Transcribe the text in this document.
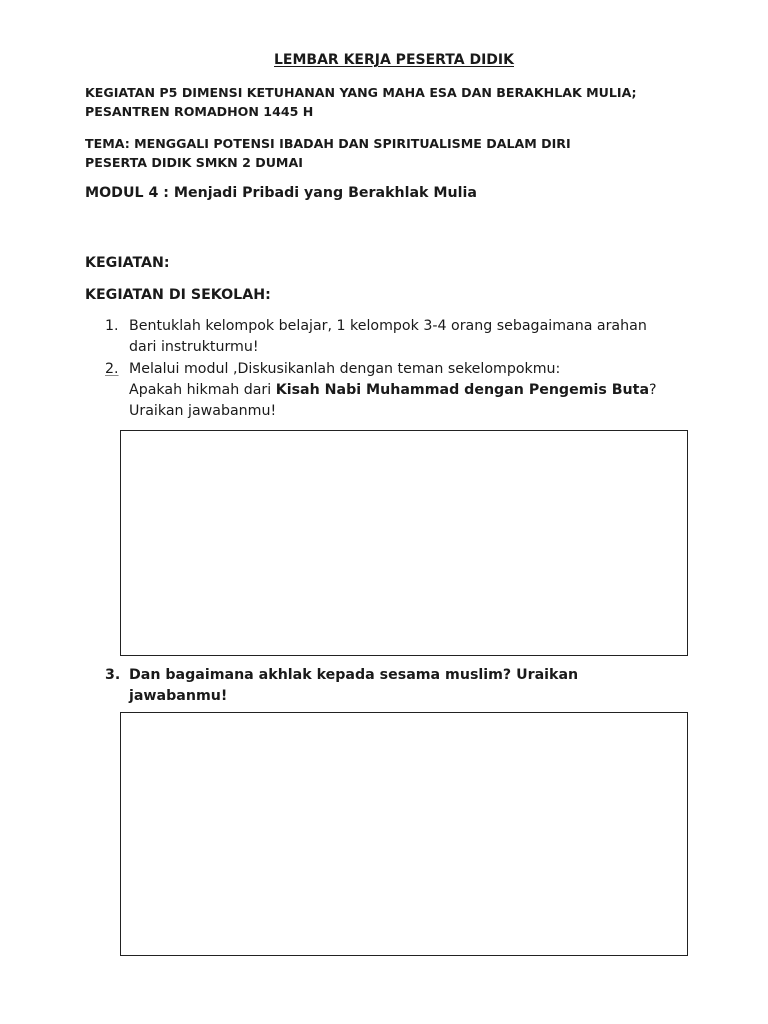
LEMBAR KERJA PESERTA DIDIK
KEGIATAN P5 DIMENSI KETUHANAN YANG MAHA ESA DAN BERAKHLAK MULIA;
PESANTREN ROMADHON 1445 H
TEMA: MENGGALI POTENSI IBADAH DAN SPIRITUALISME DALAM DIRI
PESERTA DIDIK SMKN 2 DUMAI
MODUL 4 : Menjadi Pribadi yang Berakhlak Mulia
KEGIATAN:
KEGIATAN DI SEKOLAH:
1. Bentuklah kelompok belajar, 1 kelompok 3-4 orang sebagaimana arahan
dari instrukturmu!
2. Melalui modul ,Diskusikanlah dengan teman sekelompokmu:
Apakah hikmah dari Kisah Nabi Muhammad dengan Pengemis Buta?
Uraikan jawabanmu!
3. Dan bagaimana akhlak kepada sesama muslim? Uraikan
jawabanmu!
